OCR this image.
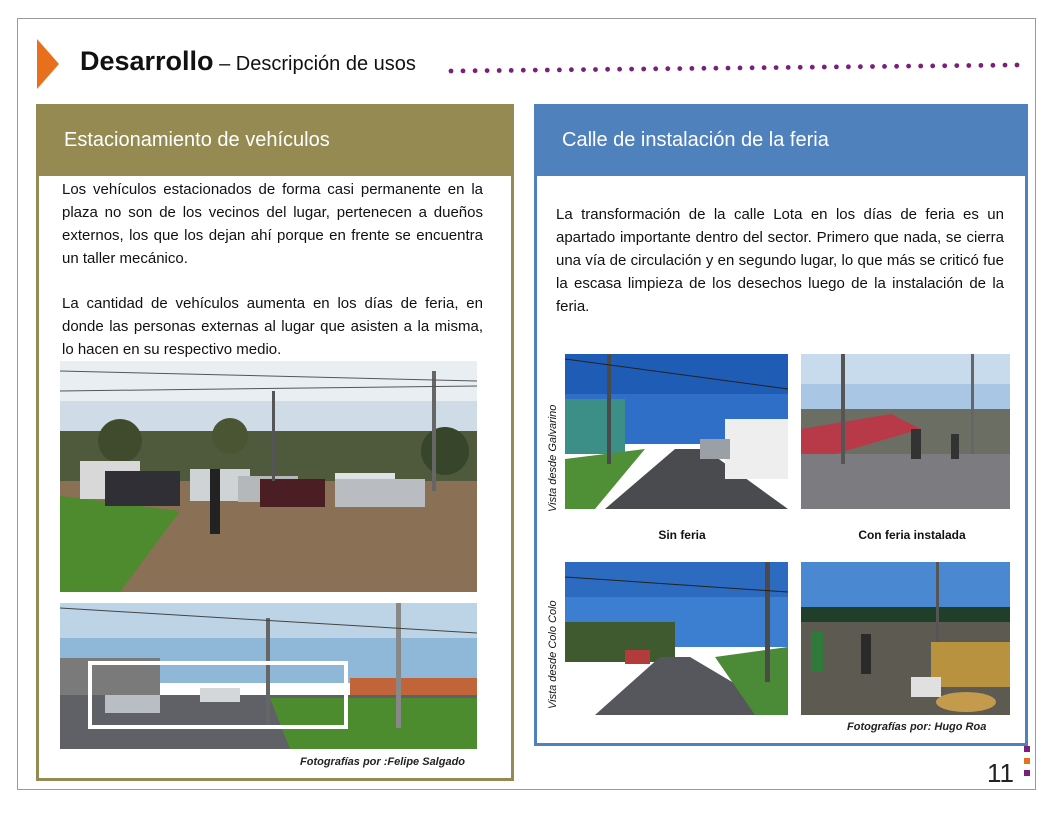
Desarrollo – Descripción de usos
Estacionamiento de vehículos
Los vehículos estacionados de forma casi permanente en la plaza no son de los vecinos del lugar, pertenecen a dueños externos, los que los dejan ahí porque en frente se encuentra un taller mecánico.
La cantidad de vehículos aumenta en los días de feria, en donde las personas externas al lugar que asisten a la misma, lo hacen en su respectivo medio.
Fotografías por :Felipe Salgado
Calle de instalación de la feria
La transformación de la calle Lota en los días de feria es un apartado importante dentro del sector. Primero que nada, se cierra una vía de circulación y en segundo lugar, lo que más se criticó fue la escasa limpieza de los desechos luego de la instalación de la feria.
Vista desde Galvarino
Vista desde Colo Colo
Sin feria	Con feria instalada
Fotografías por: Hugo Roa
11
